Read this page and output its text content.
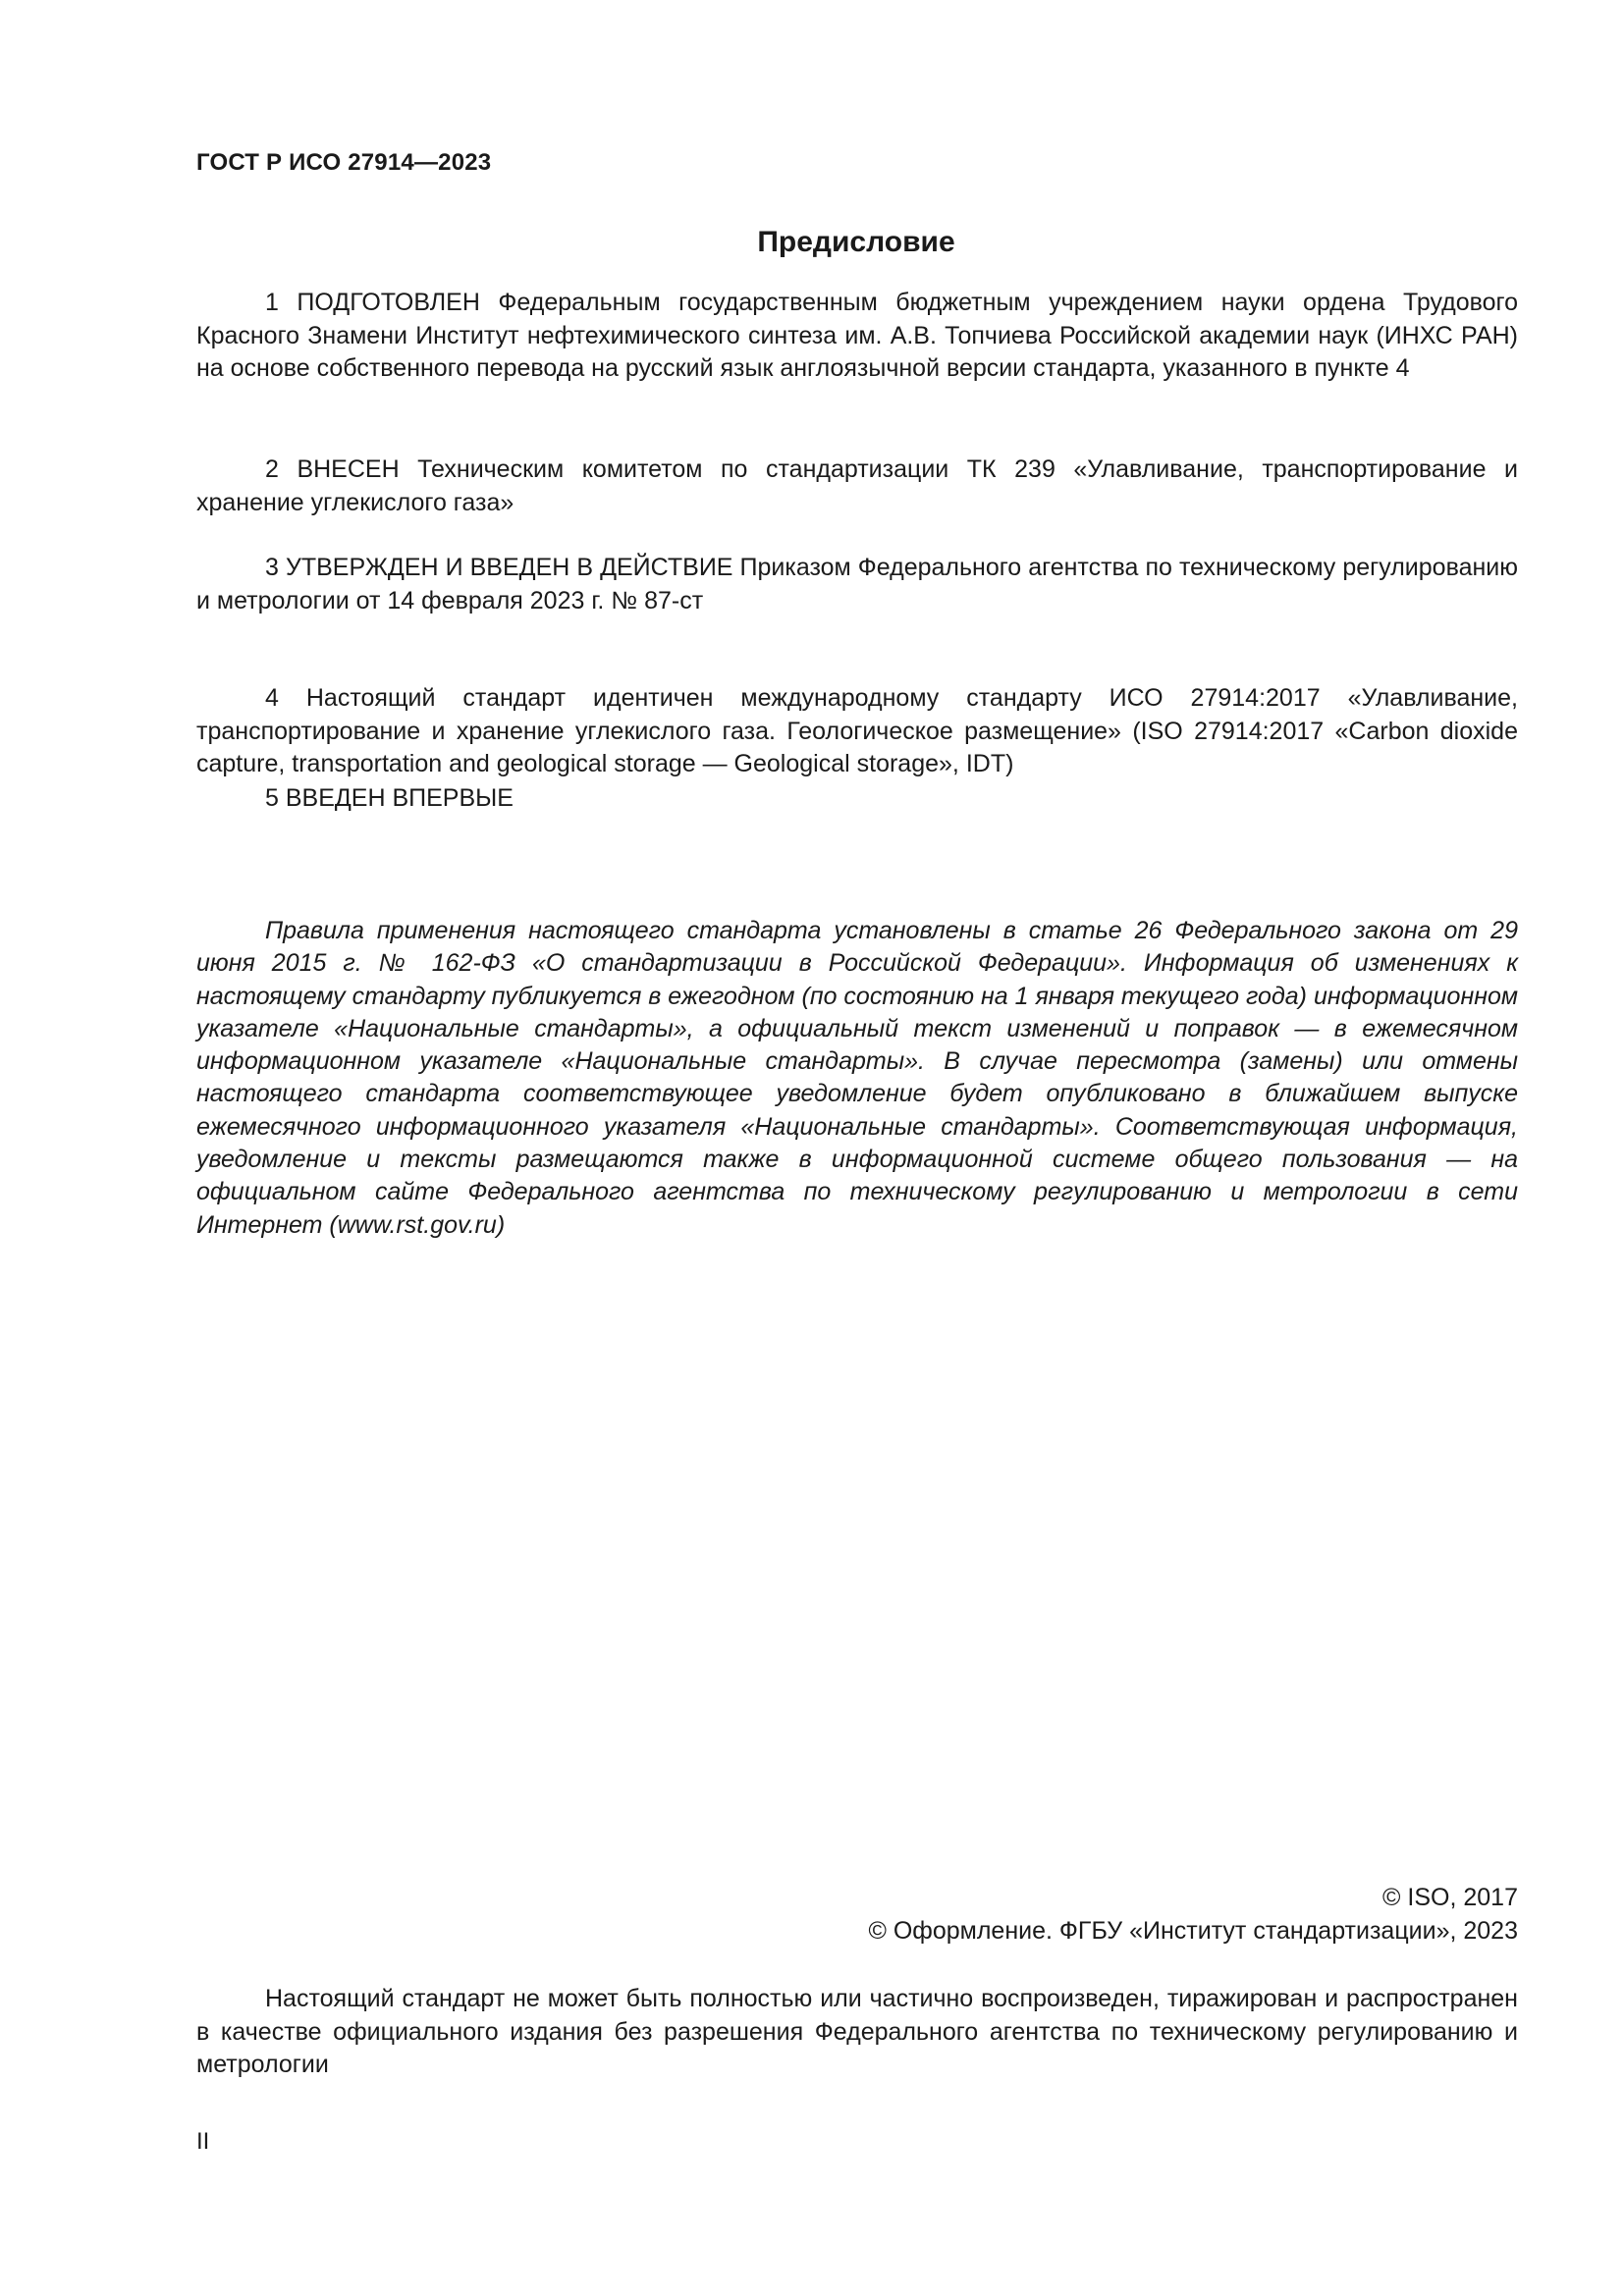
ГОСТ Р ИСО 27914—2023
Предисловие

1 ПОДГОТОВЛЕН Федеральным государственным бюджетным учреждением науки ордена Трудового Красного Знамени Институт нефтехимического синтеза им. А.В. Топчиева Российской академии наук (ИНХС РАН) на основе собственного перевода на русский язык англоязычной версии стандарта, указанного в пункте 4

2 ВНЕСЕН Техническим комитетом по стандартизации ТК 239 «Улавливание, транспортирование и хранение углекислого газа»

3 УТВЕРЖДЕН И ВВЕДЕН В ДЕЙСТВИЕ Приказом Федерального агентства по техническому регулированию и метрологии от 14 февраля 2023 г. № 87-ст

4 Настоящий стандарт идентичен международному стандарту ИСО 27914:2017 «Улавливание, транспортирование и хранение углекислого газа. Геологическое размещение» (ISO 27914:2017 «Carbon dioxide capture, transportation and geological storage — Geological storage», IDT)

5 ВВЕДЕН ВПЕРВЫЕ

Правила применения настоящего стандарта установлены в статье 26 Федерального закона от 29 июня 2015 г. № 162-ФЗ «О стандартизации в Российской Федерации». Информация об изменениях к настоящему стандарту публикуется в ежегодном (по состоянию на 1 января текущего года) информационном указателе «Национальные стандарты», а официальный текст изменений и поправок — в ежемесячном информационном указателе «Национальные стандарты». В случае пересмотра (замены) или отмены настоящего стандарта соответствующее уведомление будет опубликовано в ближайшем выпуске ежемесячного информационного указателя «Национальные стандарты». Соответствующая информация, уведомление и тексты размещаются также в информационной системе общего пользования — на официальном сайте Федерального агентства по техническому регулированию и метрологии в сети Интернет (www.rst.gov.ru)

© ISO, 2017
© Оформление. ФГБУ «Институт стандартизации», 2023

Настоящий стандарт не может быть полностью или частично воспроизведен, тиражирован и распространен в качестве официального издания без разрешения Федерального агентства по техническому регулированию и метрологии

II
